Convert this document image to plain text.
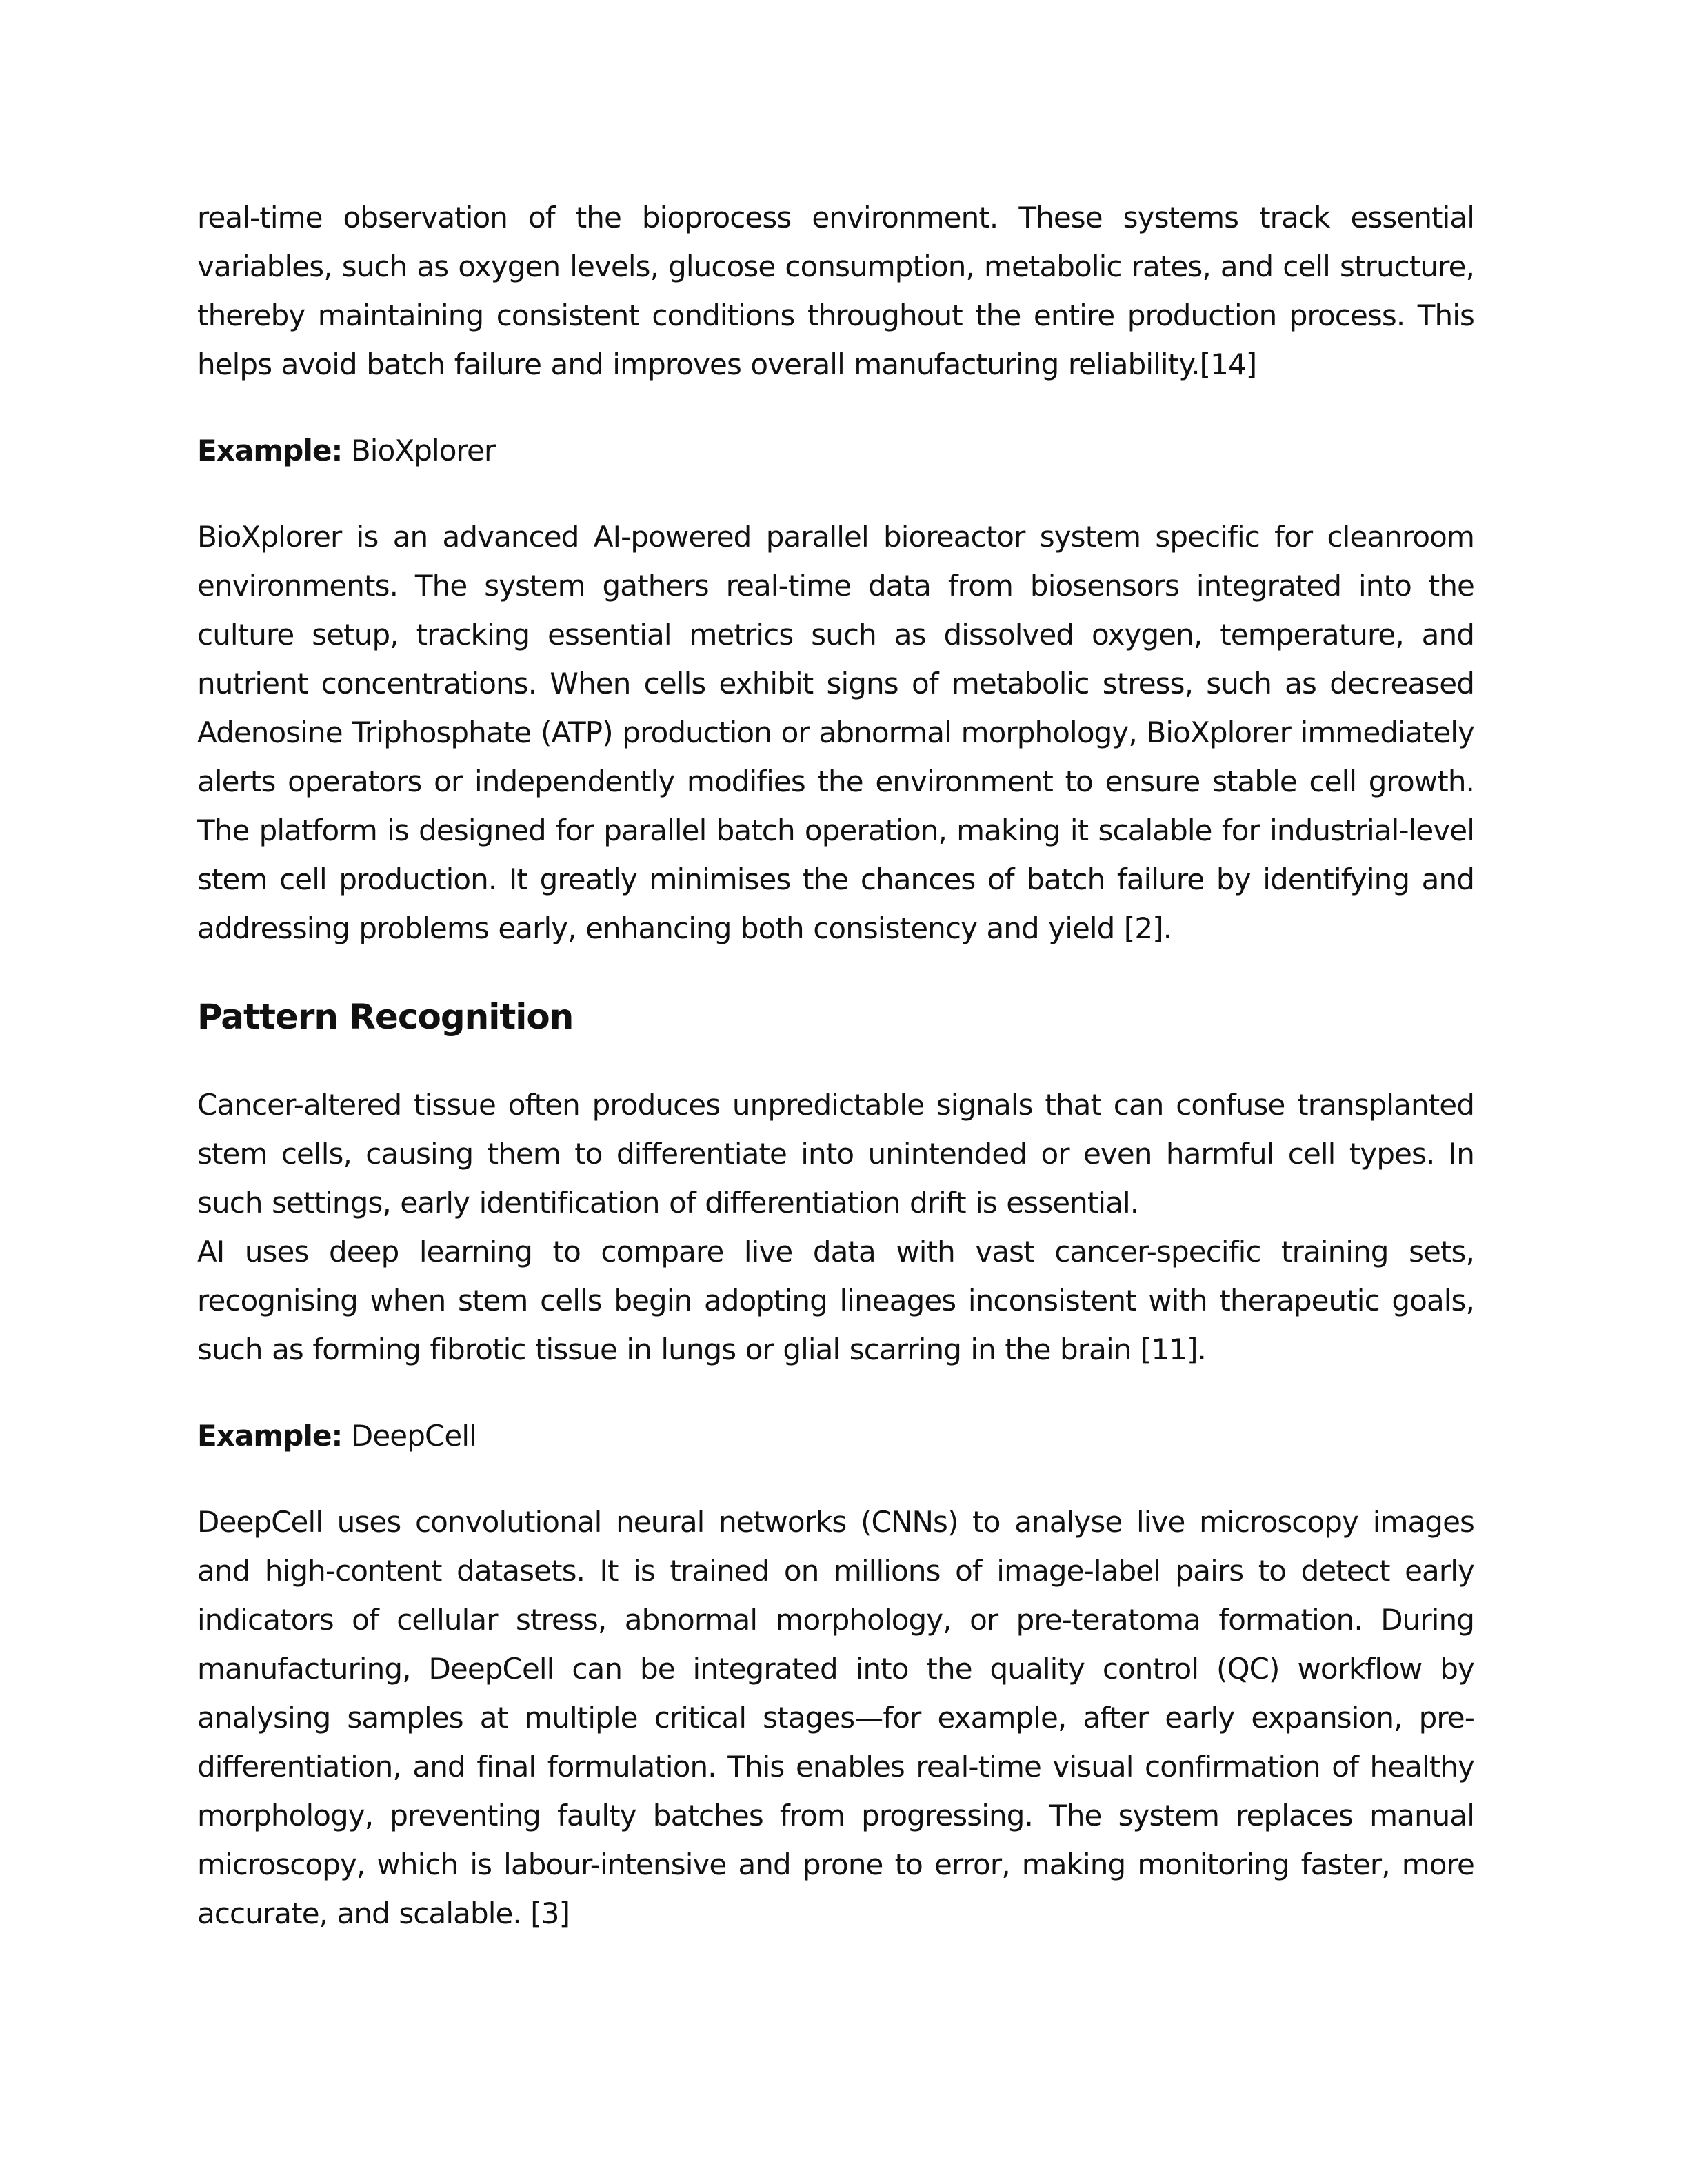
real-time observation of the bioprocess environment. These systems track essential variables, such as oxygen levels, glucose consumption, metabolic rates, and cell structure, thereby maintaining consistent conditions throughout the entire production process. This helps avoid batch failure and improves overall manufacturing reliability.[14]

Example: BioXplorer

BioXplorer is an advanced AI-powered parallel bioreactor system specific for cleanroom environments. The system gathers real-time data from biosensors integrated into the culture setup, tracking essential metrics such as dissolved oxygen, temperature, and nutrient concentrations. When cells exhibit signs of metabolic stress, such as decreased Adenosine Triphosphate (ATP) production or abnormal morphology, BioXplorer immediately alerts operators or independently modifies the environment to ensure stable cell growth. The platform is designed for parallel batch operation, making it scalable for industrial-level stem cell production. It greatly minimises the chances of batch failure by identifying and addressing problems early, enhancing both consistency and yield [2].

Pattern Recognition

Cancer-altered tissue often produces unpredictable signals that can confuse transplanted stem cells, causing them to differentiate into unintended or even harmful cell types. In such settings, early identification of differentiation drift is essential.

AI uses deep learning to compare live data with vast cancer-specific training sets, recognising when stem cells begin adopting lineages inconsistent with therapeutic goals, such as forming fibrotic tissue in lungs or glial scarring in the brain [11].

Example: DeepCell

DeepCell uses convolutional neural networks (CNNs) to analyse live microscopy images and high-content datasets. It is trained on millions of image-label pairs to detect early indicators of cellular stress, abnormal morphology, or pre-teratoma formation. During manufacturing, DeepCell can be integrated into the quality control (QC) workflow by analysing samples at multiple critical stages—for example, after early expansion, pre-differentiation, and final formulation. This enables real-time visual confirmation of healthy morphology, preventing faulty batches from progressing. The system replaces manual microscopy, which is labour-intensive and prone to error, making monitoring faster, more accurate, and scalable. [3]
